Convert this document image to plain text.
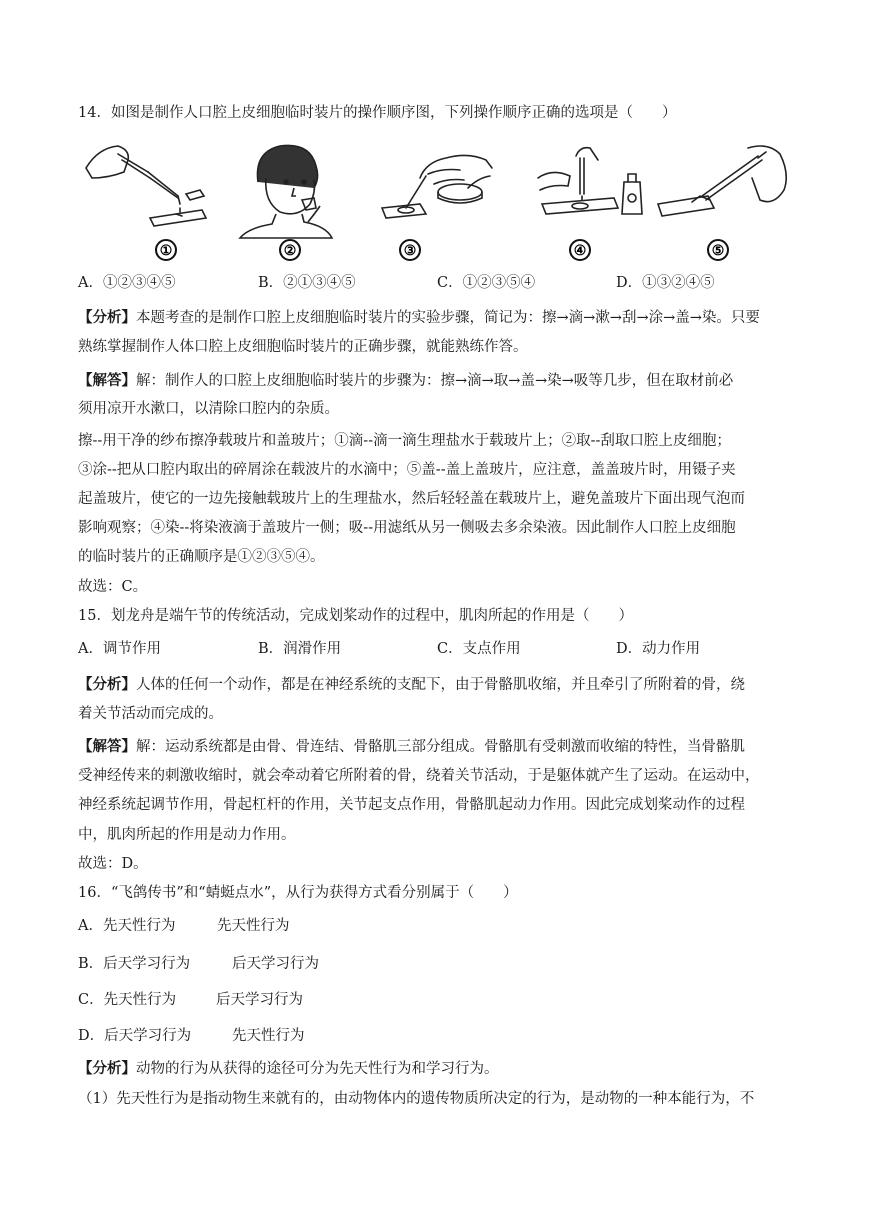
14．如图是制作人口腔上皮细胞临时装片的操作顺序图，下列操作顺序正确的选项是（　　）
①	②	③	④	⑤
A．①②③④⑤	B．②①③④⑤	C．①②③⑤④	D．①③②④⑤
【分析】本题考查的是制作口腔上皮细胞临时装片的实验步骤，简记为：擦→滴→漱→刮→涂→盖→染。只要
熟练掌握制作人体口腔上皮细胞临时装片的正确步骤，就能熟练作答。
【解答】解：制作人的口腔上皮细胞临时装片的步骤为：擦→滴→取→盖→染→吸等几步，但在取材前必
须用凉开水漱口，以清除口腔内的杂质。
擦--用干净的纱布擦净载玻片和盖玻片；①滴--滴一滴生理盐水于载玻片上；②取--刮取口腔上皮细胞；
③涂--把从口腔内取出的碎屑涂在载波片的水滴中；⑤盖--盖上盖玻片，应注意，盖盖玻片时，用镊子夹
起盖玻片，使它的一边先接触载玻片上的生理盐水，然后轻轻盖在载玻片上，避免盖玻片下面出现气泡而
影响观察；④染--将染液滴于盖玻片一侧；吸--用滤纸从另一侧吸去多余染液。因此制作人口腔上皮细胞
的临时装片的正确顺序是①②③⑤④。
故选：C。
15．划龙舟是端午节的传统活动，完成划桨动作的过程中，肌肉所起的作用是（　　）
A．调节作用	B．润滑作用	C．支点作用	D．动力作用
【分析】人体的任何一个动作，都是在神经系统的支配下，由于骨骼肌收缩，并且牵引了所附着的骨，绕
着关节活动而完成的。
【解答】解：运动系统都是由骨、骨连结、骨骼肌三部分组成。骨骼肌有受刺激而收缩的特性，当骨骼肌
受神经传来的刺激收缩时，就会牵动着它所附着的骨，绕着关节活动，于是躯体就产生了运动。在运动中，
神经系统起调节作用，骨起杠杆的作用，关节起支点作用，骨骼肌起动力作用。因此完成划桨动作的过程
中，肌肉所起的作用是动力作用。
故选：D。
16．“飞鸽传书”和“蜻蜓点水”，从行为获得方式看分别属于（　　）
A．先天性行为	先天性行为
B．后天学习行为	后天学习行为
C．先天性行为	后天学习行为
D．后天学习行为	先天性行为
【分析】动物的行为从获得的途径可分为先天性行为和学习行为。
（1）先天性行为是指动物生来就有的，由动物体内的遗传物质所决定的行为，是动物的一种本能行为，不
